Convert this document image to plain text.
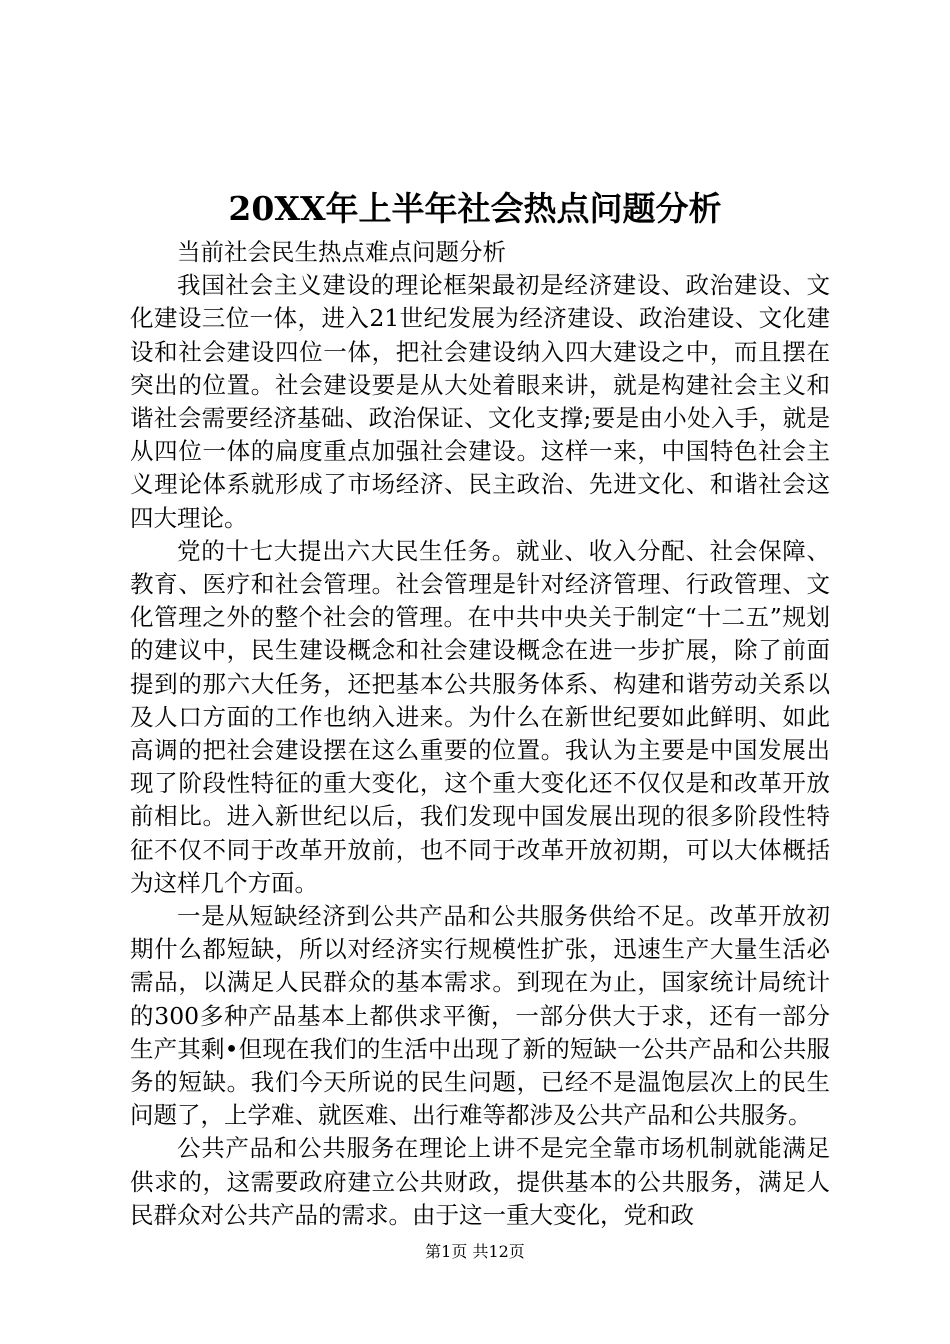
20XX年上半年社会热点问题分析

当前社会民生热点难点问题分析

我国社会主义建设的理论框架最初是经济建设、政治建设、文化建设三位一体，进入21世纪发展为经济建设、政治建设、文化建设和社会建设四位一体，把社会建设纳入四大建设之中，而且摆在突出的位置。社会建设要是从大处着眼来讲，就是构建社会主义和谐社会需要经济基础、政治保证、文化支撑;要是由小处入手，就是从四位一体的扁度重点加强社会建设。这样一来，中国特色社会主义理论体系就形成了市场经济、民主政治、先进文化、和谐社会这四大理论。

党的十七大提出六大民生任务。就业、收入分配、社会保障、教育、医疗和社会管理。社会管理是针对经济管理、行政管理、文化管理之外的整个社会的管理。在中共中央关于制定“十二五”规划的建议中，民生建设概念和社会建设概念在进一步扩展，除了前面提到的那六大任务，还把基本公共服务体系、构建和谐劳动关系以及人口方面的工作也纳入进来。为什么在新世纪要如此鲜明、如此高调的把社会建设摆在这么重要的位置。我认为主要是中国发展出现了阶段性特征的重大变化，这个重大变化还不仅仅是和改革开放前相比。进入新世纪以后，我们发现中国发展出现的很多阶段性特征不仅不同于改革开放前，也不同于改革开放初期，可以大体概括为这样几个方面。

一是从短缺经济到公共产品和公共服务供给不足。改革开放初期什么都短缺，所以对经济实行规模性扩张，迅速生产大量生活必需品，以满足人民群众的基本需求。到现在为止，国家统计局统计的300多种产品基本上都供求平衡，一部分供大于求，还有一部分生产其剩•但现在我们的生活中出现了新的短缺一公共产品和公共服务的短缺。我们今天所说的民生问题，已经不是温饱层次上的民生问题了，上学难、就医难、出行难等都涉及公共产品和公共服务。

公共产品和公共服务在理论上讲不是完全靠市场机制就能满足供求的，这需要政府建立公共财政，提供基本的公共服务，满足人民群众对公共产品的需求。由于这一重大变化，党和政

第1页 共12页
